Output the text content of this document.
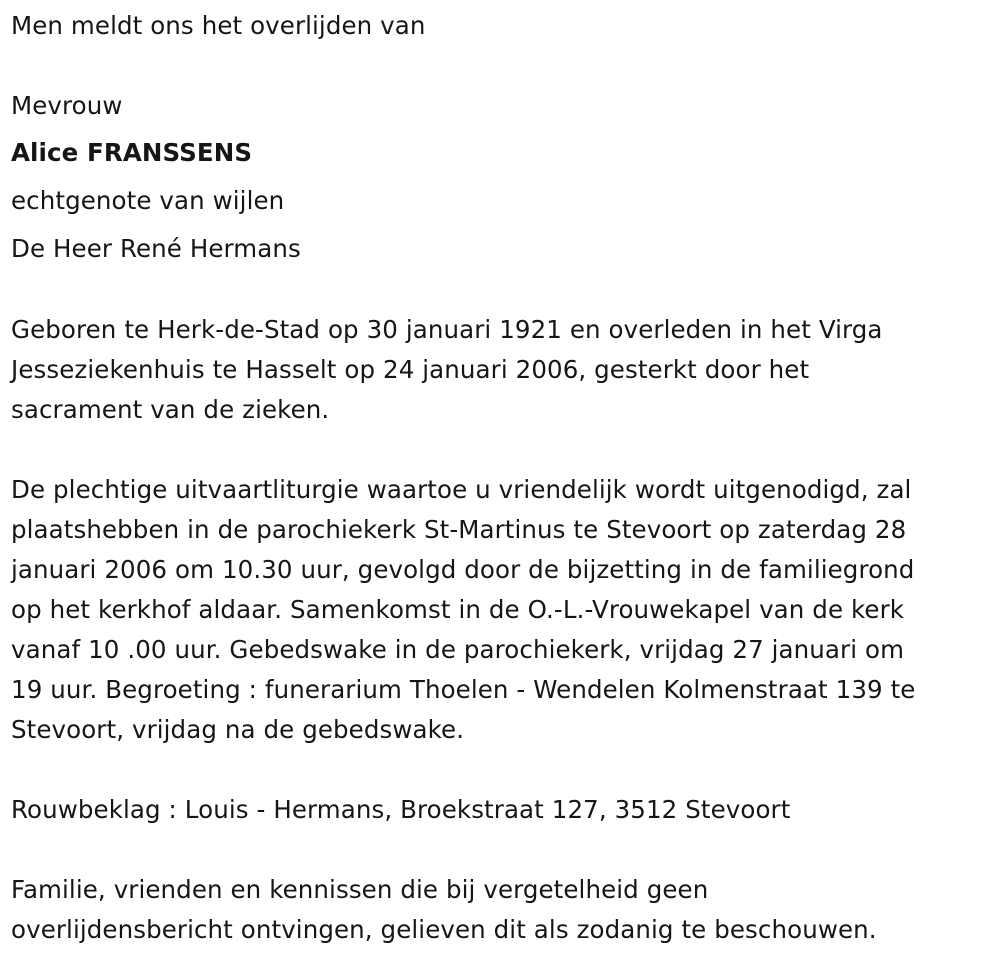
Men meldt ons het overlijden van
Mevrouw
Alice FRANSSENS
echtgenote van wijlen
De Heer René Hermans
Geboren te Herk-de-Stad op 30 januari 1921 en overleden in het Virga
Jesseziekenhuis te Hasselt op 24 januari 2006, gesterkt door het
sacrament van de zieken.
De plechtige uitvaartliturgie waartoe u vriendelijk wordt uitgenodigd, zal
plaatshebben in de parochiekerk St-Martinus te Stevoort op zaterdag 28
januari 2006 om 10.30 uur, gevolgd door de bijzetting in de familiegrond
op het kerkhof aldaar. Samenkomst in de O.-L.-Vrouwekapel van de kerk
vanaf 10 .00 uur. Gebedswake in de parochiekerk, vrijdag 27 januari om
19 uur. Begroeting : funerarium Thoelen - Wendelen Kolmenstraat 139 te
Stevoort, vrijdag na de gebedswake.
Rouwbeklag : Louis - Hermans, Broekstraat 127, 3512 Stevoort
Familie, vrienden en kennissen die bij vergetelheid geen
overlijdensbericht ontvingen, gelieven dit als zodanig te beschouwen.
